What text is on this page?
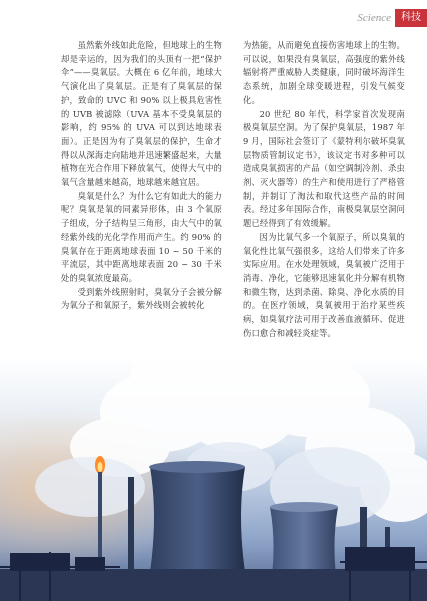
Science	科技

虽然紫外线如此危险，但地球上的生物却是幸运的，因为我们的头顶有一把“保护伞”——臭氧层。大概在 6 亿年前，地球大气演化出了臭氧层。正是有了臭氧层的保护，致命的 UVC 和 90% 以上极具危害性的 UVB 被滤除（UVA 基本不受臭氧层的影响，约 95% 的 UVA 可以到达地球表面）。正是因为有了臭氧层的保护，生命才得以从深海走向陆地并迅速繁盛起来，大量植物在光合作用下释放氧气，使得大气中的氧气含量越来越高，地球越来越宜居。

臭氧是什么？为什么它有如此大的能力呢？臭氧是氧的同素异形体，由 3 个氧原子组成，分子结构呈三角形，由大气中的氧经紫外线的光化学作用而产生。约 90% 的臭氧存在于距离地球表面 10 ~ 50 千米的平流层，其中距离地球表面 20 ~ 30 千米处的臭氧浓度最高。

受到紫外线照射时，臭氧分子会被分解为氧分子和氧原子，紫外线则会被转化

为热能，从而避免直接伤害地球上的生物。可以说，如果没有臭氧层，高强度的紫外线辐射将严重威胁人类健康，同时破坏海洋生态系统，加剧全球变暖进程，引发气候变化。

20 世纪 80 年代，科学家首次发现南极臭氧层空洞。为了保护臭氧层，1987 年 9 月，国际社会签订了《蒙特利尔破坏臭氧层物质管制议定书》，该议定书对多种可以造成臭氧损害的产品（如空调制冷剂、杀虫剂、灭火器等）的生产和使用进行了严格管制，并制订了淘汰和取代这些产品的时间表。经过多年国际合作，南极臭氧层空洞问题已经得到了有效缓解。

因为比氧气多一个氧原子，所以臭氧的氧化性比氧气强很多，这给人们带来了许多实际应用。在水处理领域，臭氧被广泛用于消毒、净化，它能够迅速氧化并分解有机物和微生物，达到杀菌、除臭、净化水质的目的。在医疗领域，臭氧被用于治疗某些疾病，如臭氧疗法可用于改善血液循环、促进伤口愈合和减轻炎症等。
